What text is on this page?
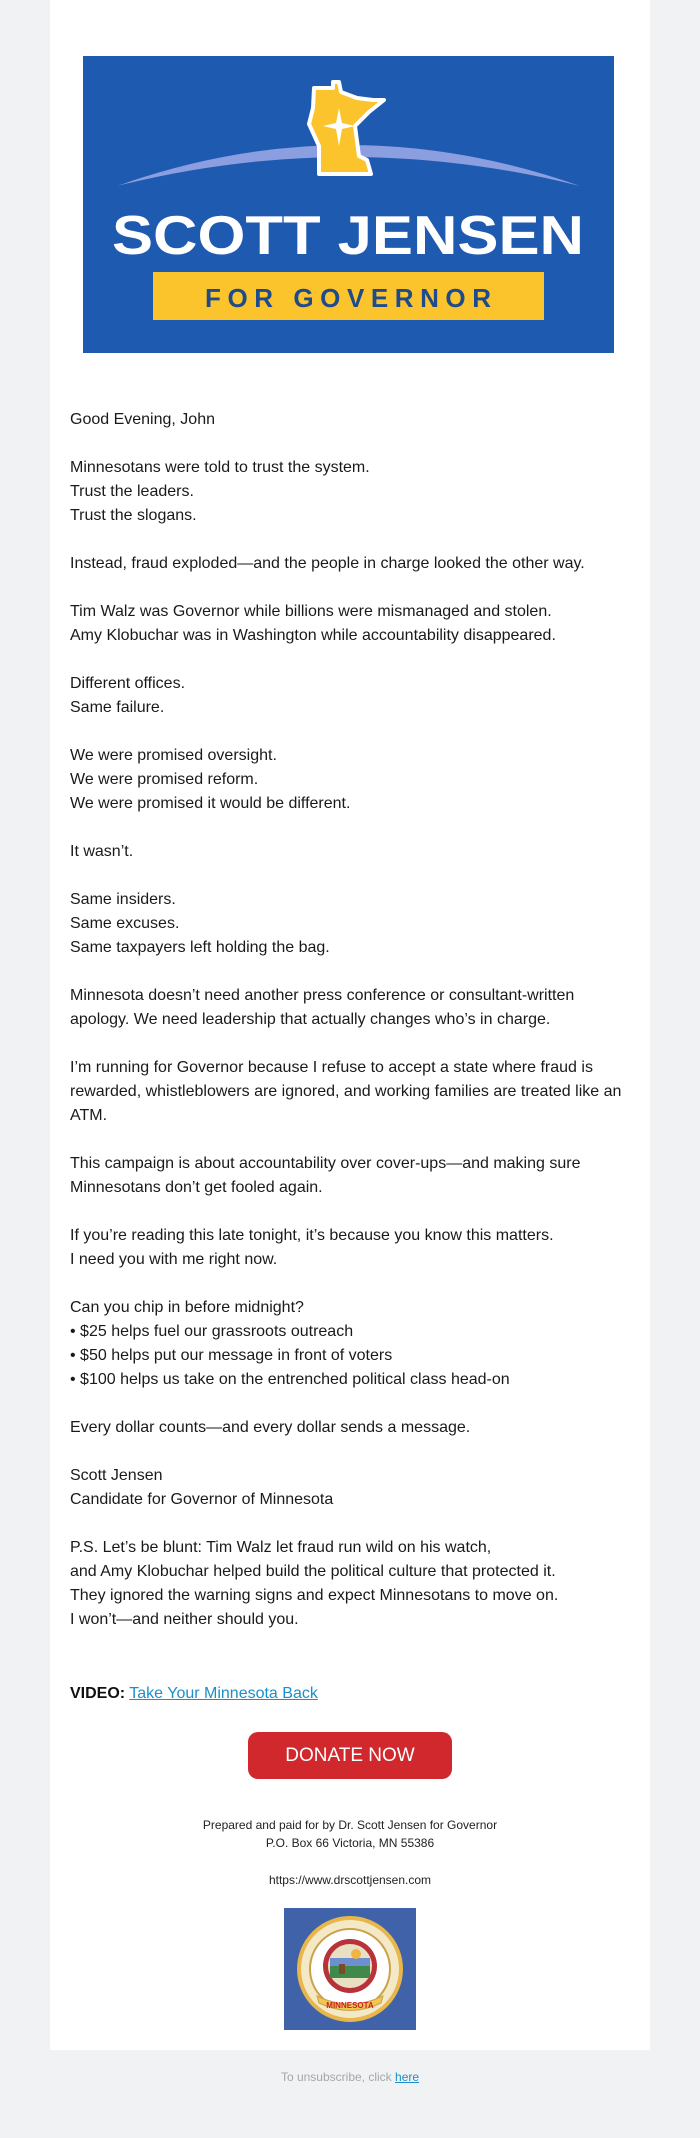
SCOTT JENSEN
FOR GOVERNOR

Good Evening, John

Minnesotans were told to trust the system.
Trust the leaders.
Trust the slogans.

Instead, fraud exploded—and the people in charge looked the other way.

Tim Walz was Governor while billions were mismanaged and stolen.
Amy Klobuchar was in Washington while accountability disappeared.

Different offices.
Same failure.

We were promised oversight.
We were promised reform.
We were promised it would be different.

It wasn’t.

Same insiders.
Same excuses.
Same taxpayers left holding the bag.

Minnesota doesn’t need another press conference or consultant-written apology. We need leadership that actually changes who’s in charge.

I’m running for Governor because I refuse to accept a state where fraud is rewarded, whistleblowers are ignored, and working families are treated like an ATM.

This campaign is about accountability over cover-ups—and making sure Minnesotans don’t get fooled again.

If you’re reading this late tonight, it’s because you know this matters.
I need you with me right now.

Can you chip in before midnight?
• $25 helps fuel our grassroots outreach
• $50 helps put our message in front of voters
• $100 helps us take on the entrenched political class head-on

Every dollar counts—and every dollar sends a message.

Scott Jensen
Candidate for Governor of Minnesota

P.S. Let’s be blunt: Tim Walz let fraud run wild on his watch,
and Amy Klobuchar helped build the political culture that protected it.
They ignored the warning signs and expect Minnesotans to move on.
I won’t—and neither should you.

VIDEO: Take Your Minnesota Back
DONATE NOW
Prepared and paid for by Dr. Scott Jensen for Governor
P.O. Box 66 Victoria, MN 55386
https://www.drscottjensen.com
MINNESOTA
To unsubscribe, click here
